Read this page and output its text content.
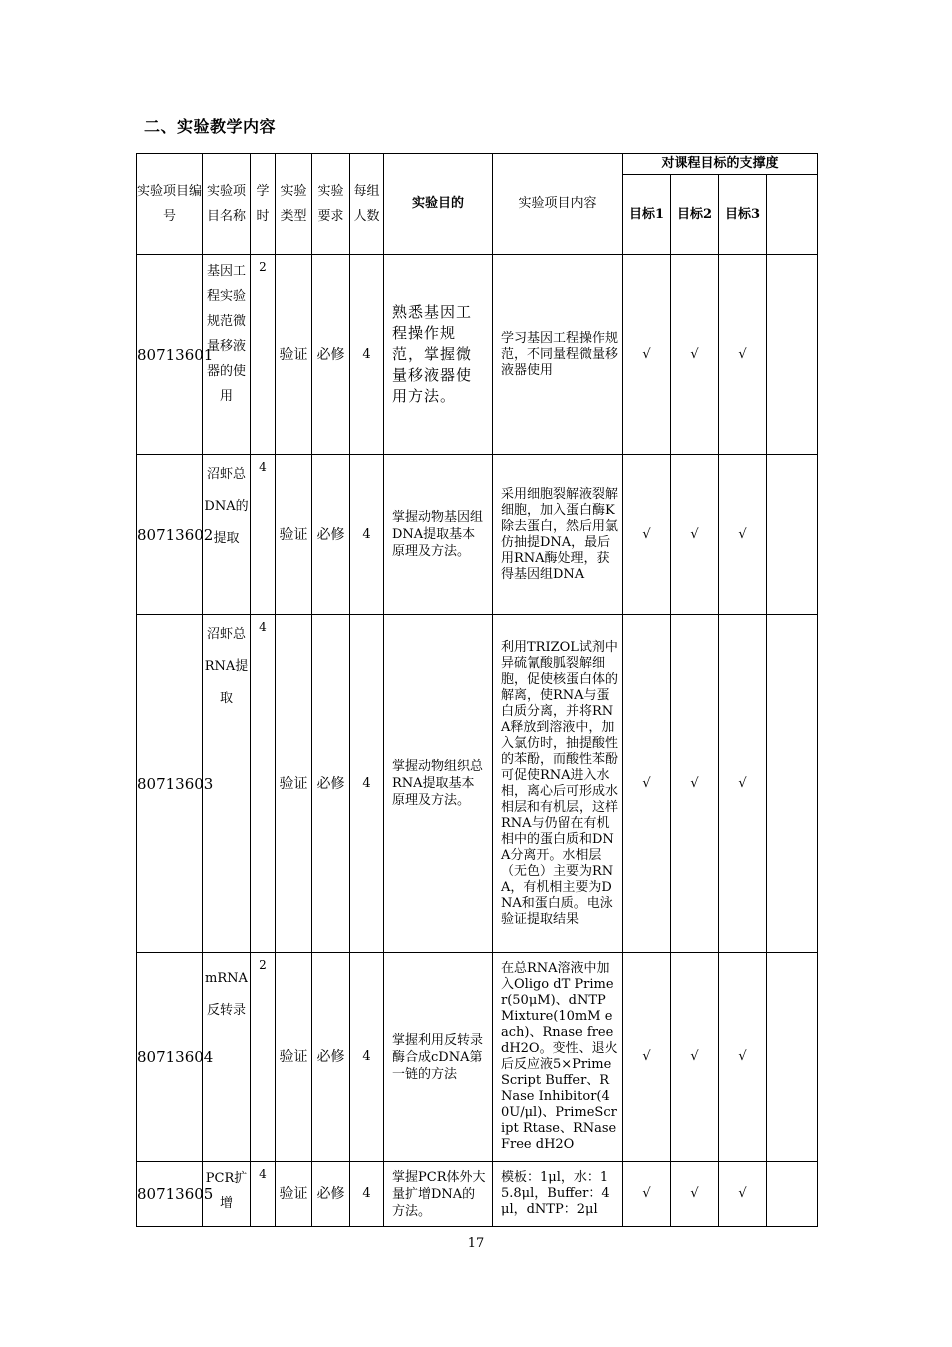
二、实验教学内容
实验项目编号	实验项目名称	学时	实验类型	实验要求	每组人数	实验目的	实验项目内容	对课程目标的支撑度			
								目标1	目标2	目标3	
80713601	基因工程实验规范微量移液器的使用	2	验证	必修	4	熟悉基因工程操作规范，掌握微量移液器使用方法。	学习基因工程操作规范，不同量程微量移液器使用	√	√	√	
80713602	沼虾总DNA的提取	4	验证	必修	4	掌握动物基因组DNA提取基本原理及方法。	采用细胞裂解液裂解细胞，加入蛋白酶K除去蛋白，然后用氯仿抽提DNA，最后用RNA酶处理，获得基因组DNA	√	√	√	
80713603	沼虾总RNA提取	4	验证	必修	4	掌握动物组织总RNA提取基本原理及方法。	利用TRIZOL试剂中异硫氰酸胍裂解细胞，促使核蛋白体的解离，使RNA与蛋白质分离，并将RNA释放到溶液中，加入氯仿时，抽提酸性的苯酚，而酸性苯酚可促使RNA进入水相，离心后可形成水相层和有机层，这样RNA与仍留在有机相中的蛋白质和DNA分离开。水相层（无色）主要为RNA，有机相主要为DNA和蛋白质。电泳验证提取结果	√	√	√	
80713604	mRNA反转录	2	验证	必修	4	掌握利用反转录酶合成cDNA第一链的方法	在总RNA溶液中加入Oligo dT Primer(50μM)、dNTP Mixture(10mM each)、Rnase free dH2O。变性、退火后反应液5×PrimeScript Buffer、RNase Inhibitor(40U/μl)、PrimeScript Rtase、RNase Free dH2O	√	√	√	
80713605	PCR扩增	4	验证	必修	4	掌握PCR体外大量扩增DNA的方法。	模板：1μl，水：15.8μl，Buffer：4μl，dNTP：2μl	√	√	√	

17
